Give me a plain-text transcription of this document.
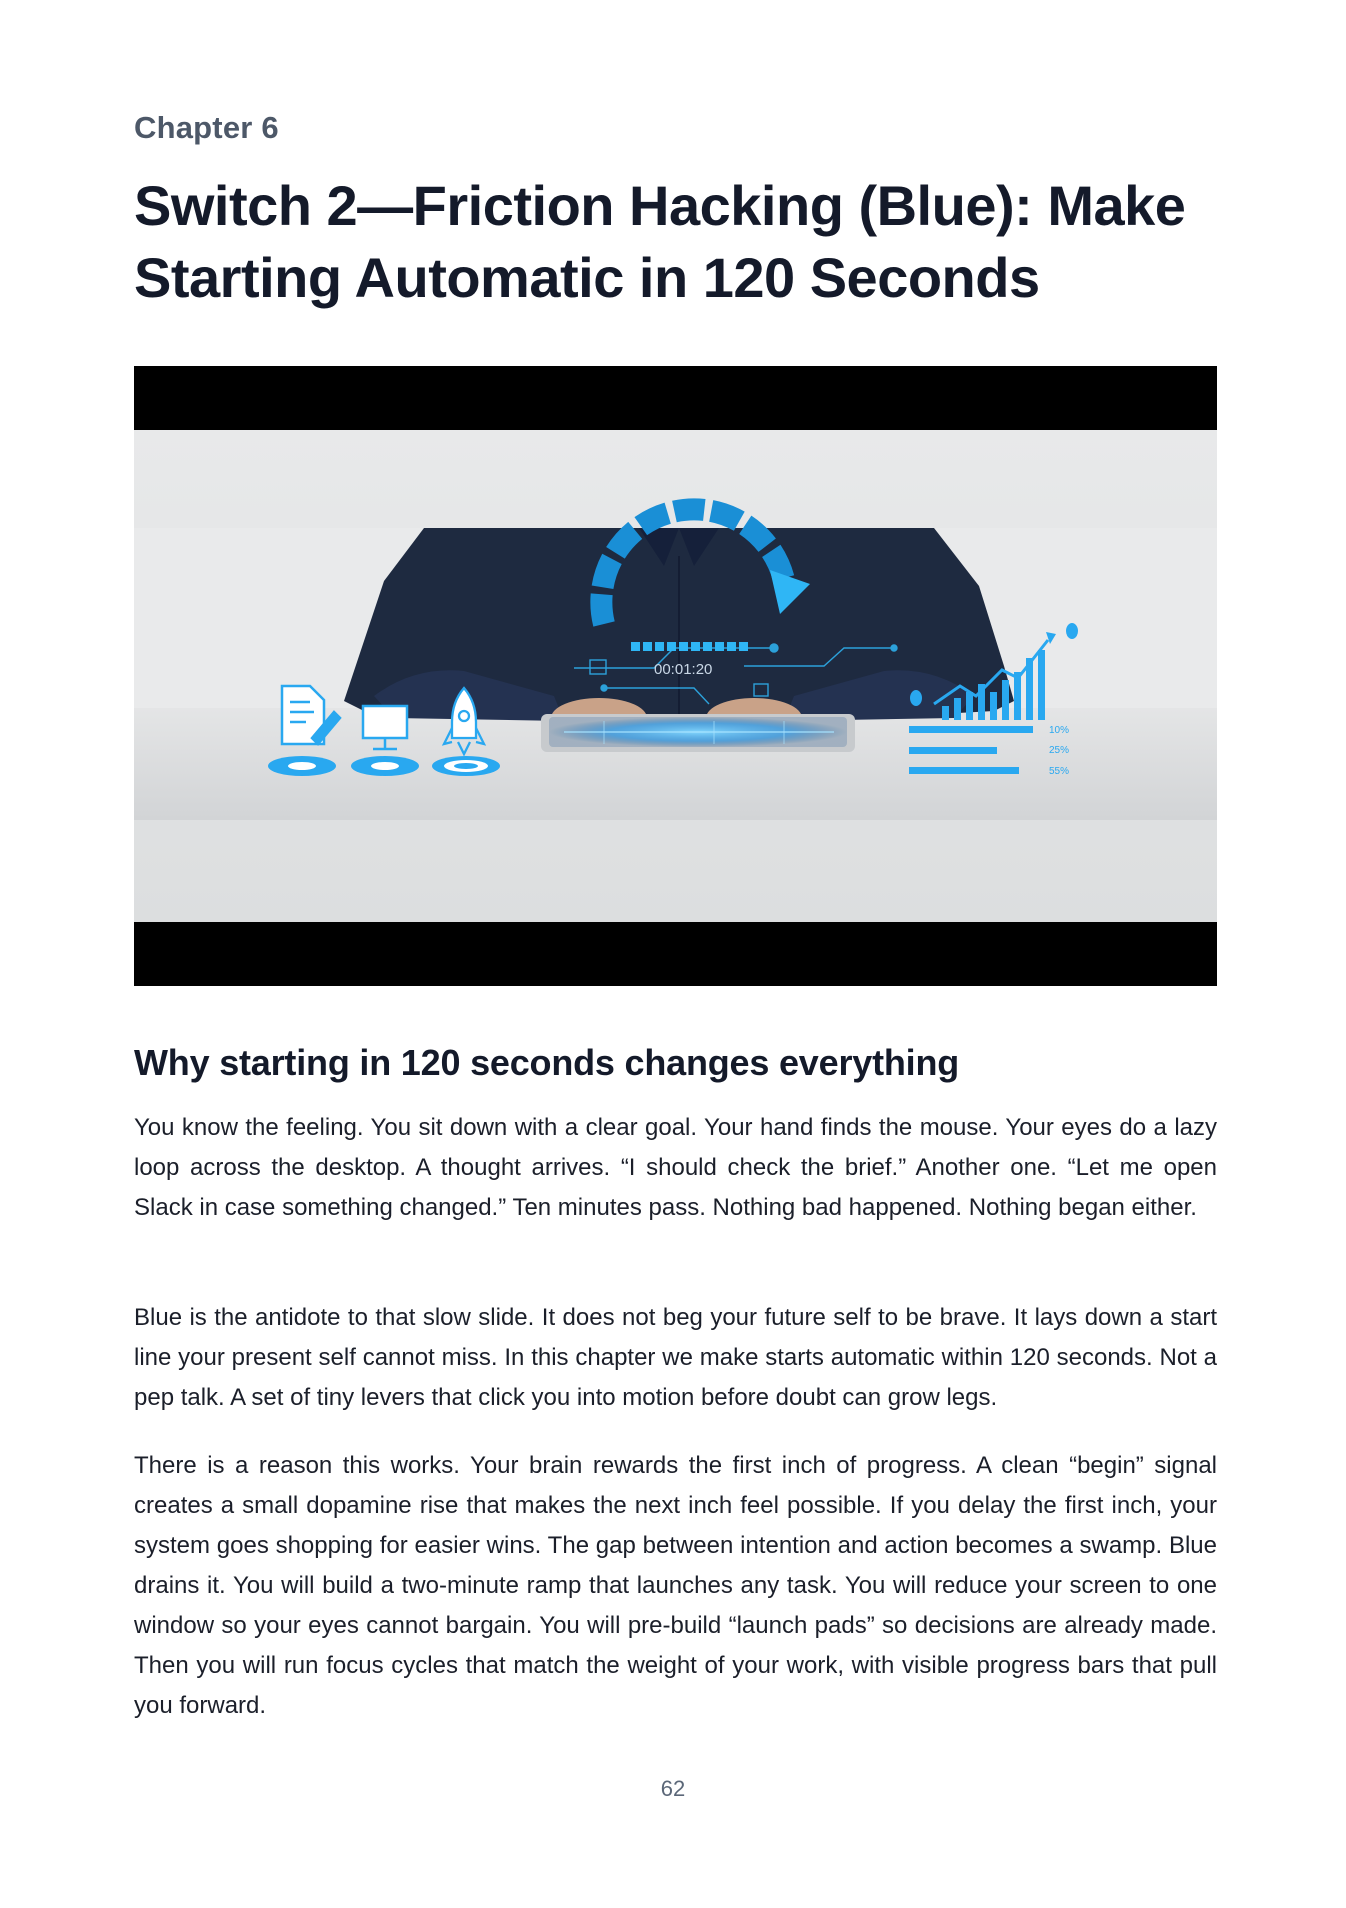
Chapter 6
Switch 2—Friction Hacking (Blue): Make Starting Automatic in 120 Seconds
00:01:20
10%
25%
55%
Why starting in 120 seconds changes everything

You know the feeling. You sit down with a clear goal. Your hand finds the mouse. Your eyes do a lazy loop across the desktop. A thought arrives. “I should check the brief.” Another one. “Let me open Slack in case something changed.” Ten minutes pass. Nothing bad happened. Nothing began either.

Blue is the antidote to that slow slide. It does not beg your future self to be brave. It lays down a start line your present self cannot miss. In this chapter we make starts automatic within 120 seconds. Not a pep talk. A set of tiny levers that click you into motion before doubt can grow legs.

There is a reason this works. Your brain rewards the first inch of progress. A clean “begin” signal creates a small dopamine rise that makes the next inch feel possible. If you delay the first inch, your system goes shopping for easier wins. The gap between intention and action becomes a swamp. Blue drains it. You will build a two-minute ramp that launches any task. You will reduce your screen to one window so your eyes cannot bargain. You will pre-build “launch pads” so decisions are already made. Then you will run focus cycles that match the weight of your work, with visible progress bars that pull you forward.

62
